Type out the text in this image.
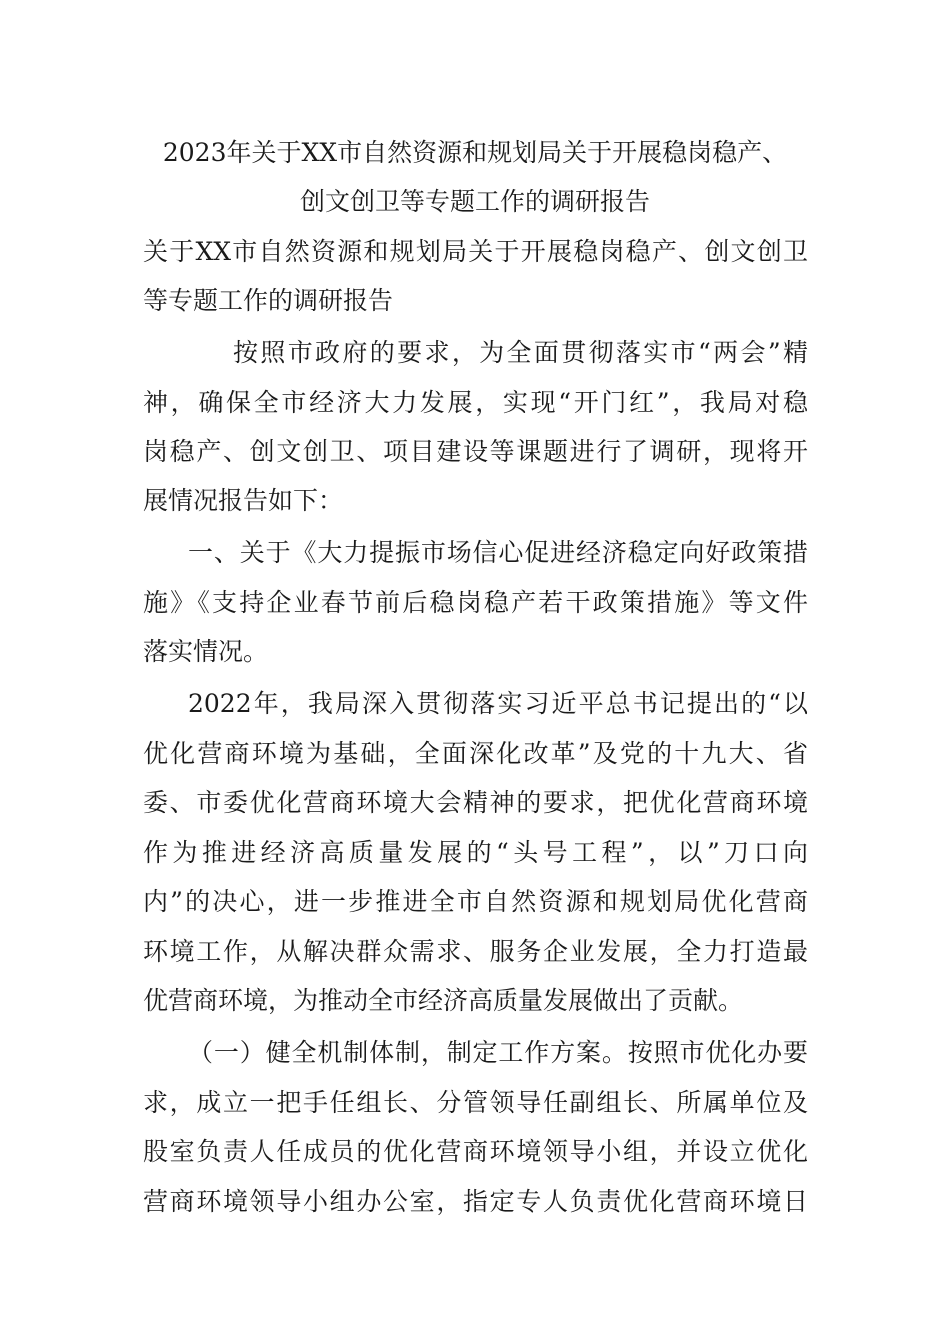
2023年关于XX市自然资源和规划局关于开展稳岗稳产、
创文创卫等专题工作的调研报告
关于XX市自然资源和规划局关于开展稳岗稳产、创文创卫
等专题工作的调研报告
按照市政府的要求，为全面贯彻落实市“两会”精
神，确保全市经济大力发展，实现“开门红”，我局对稳
岗稳产、创文创卫、项目建设等课题进行了调研，现将开
展情况报告如下：
一、关于《大力提振市场信心促进经济稳定向好政策措
施》《支持企业春节前后稳岗稳产若干政策措施》等文件
落实情况。
2022年，我局深入贯彻落实习近平总书记提出的“以
优化营商环境为基础，全面深化改革”及党的十九大、省
委、市委优化营商环境大会精神的要求，把优化营商环境
作为推进经济高质量发展的“头号工程”，以”刀口向
内”的决心，进一步推进全市自然资源和规划局优化营商
环境工作，从解决群众需求、服务企业发展，全力打造最
优营商环境，为推动全市经济高质量发展做出了贡献。
（一）健全机制体制，制定工作方案。按照市优化办要
求，成立一把手任组长、分管领导任副组长、所属单位及
股室负责人任成员的优化营商环境领导小组，并设立优化
营商环境领导小组办公室，指定专人负责优化营商环境日
